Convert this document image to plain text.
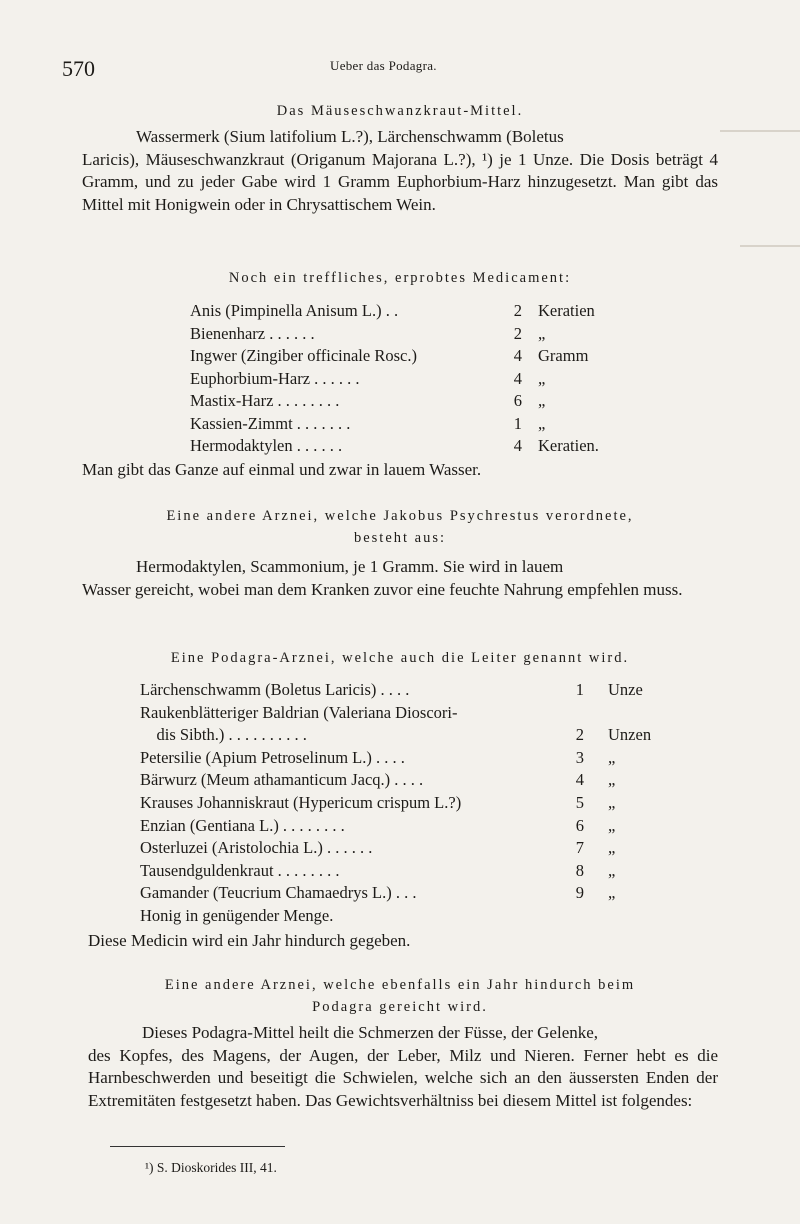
570	Ueber das Podagra.
Das Mäuseschwanzkraut-Mittel.
Wassermerk (Sium latifolium L.?), Lärchenschwamm (Boletus
Laricis), Mäuseschwanzkraut (Origanum Majorana L.?), ¹) je 1 Unze. Die Dosis beträgt 4 Gramm, und zu jeder Gabe wird 1 Gramm Euphorbium-Harz hinzugesetzt. Man gibt das Mittel mit Honigwein oder in Chrysattischem Wein.
Noch ein treffliches, erprobtes Medicament:
Anis (Pimpinella Anisum L.) . .	2 Keratien
Bienenharz . . . . . .	2 „
Ingwer (Zingiber officinale Rosc.)	4 Gramm
Euphorbium-Harz . . . . . .	4 „
Mastix-Harz . . . . . . . .	6 „
Kassien-Zimmt . . . . . . .	1 „
Hermodaktylen . . . . . .	4 Keratien.
Man gibt das Ganze auf einmal und zwar in lauem Wasser.
Eine andere Arznei, welche Jakobus Psychrestus verordnete,
besteht aus:
Hermodaktylen, Scammonium, je 1 Gramm. Sie wird in lauem
Wasser gereicht, wobei man dem Kranken zuvor eine feuchte Nahrung empfehlen muss.
Eine Podagra-Arznei, welche auch die Leiter genannt wird.
Lärchenschwamm (Boletus Laricis) . . . .	1 Unze
Raukenblätteriger Baldrian (Valeriana Dioscori-
dis Sibth.) . . . . . . . . . .	2 Unzen
Petersilie (Apium Petroselinum L.) . . . .	3 „
Bärwurz (Meum athamanticum Jacq.) . . . .	4 „
Krauses Johanniskraut (Hypericum crispum L.?)	5 „
Enzian (Gentiana L.) . . . . . . . .	6 „
Osterluzei (Aristolochia L.) . . . . . .	7 „
Tausendguldenkraut . . . . . . . .	8 „
Gamander (Teucrium Chamaedrys L.) . . .	9 „
Honig in genügender Menge.
Diese Medicin wird ein Jahr hindurch gegeben.
Eine andere Arznei, welche ebenfalls ein Jahr hindurch beim
Podagra gereicht wird.
Dieses Podagra-Mittel heilt die Schmerzen der Füsse, der Gelenke,
des Kopfes, des Magens, der Augen, der Leber, Milz und Nieren. Ferner hebt es die Harnbeschwerden und beseitigt die Schwielen, welche sich an den äussersten Enden der Extremitäten festgesetzt haben. Das Gewichtsverhältniss bei diesem Mittel ist folgendes:
¹) S. Dioskorides III, 41.
